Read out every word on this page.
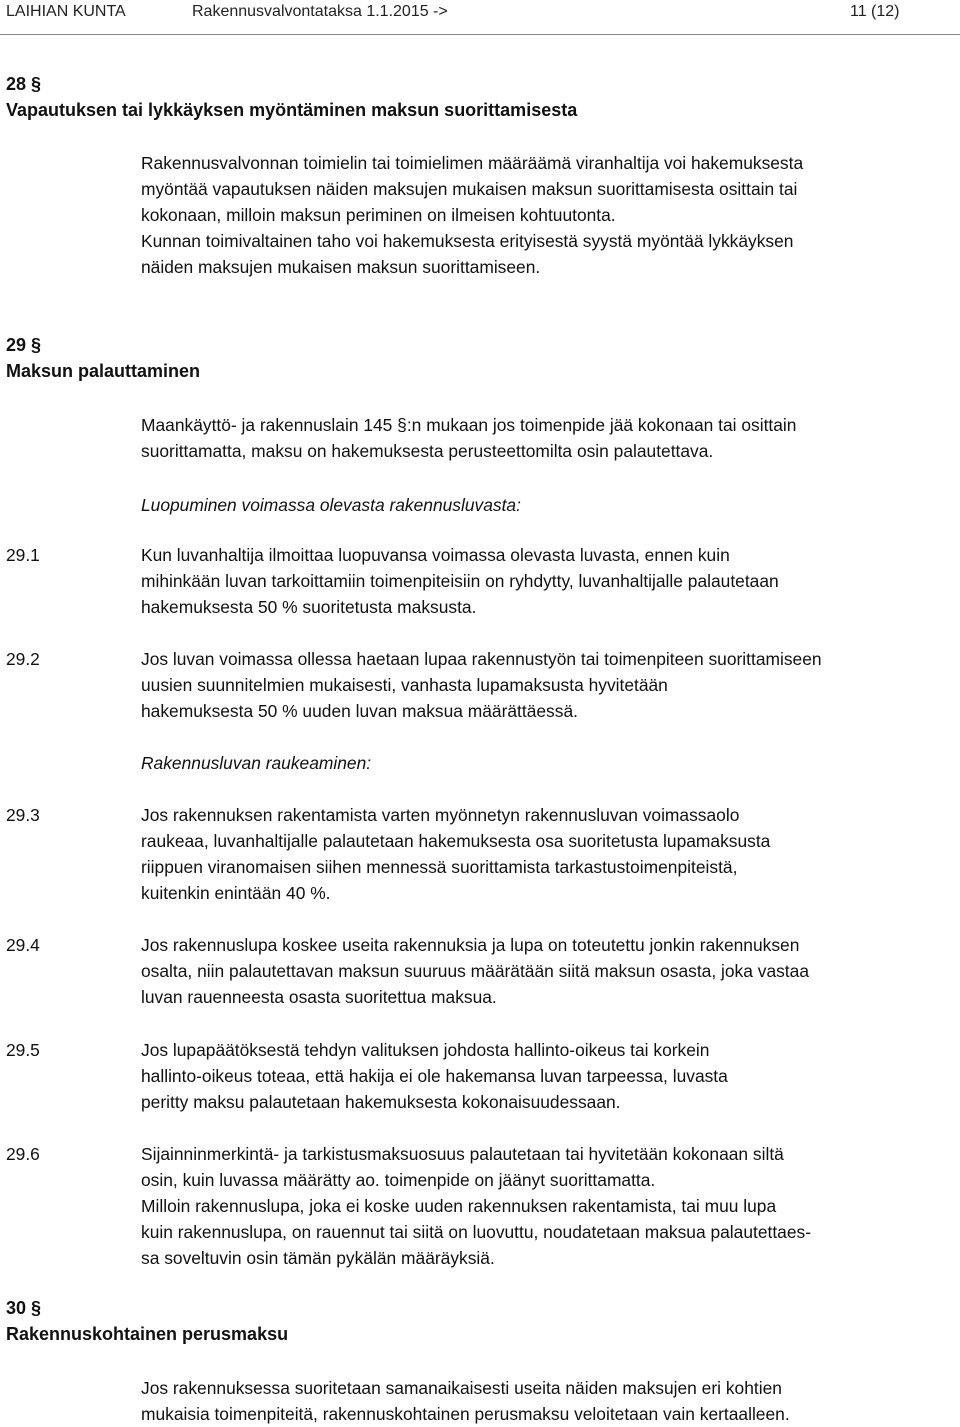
LAIHIAN KUNTA	Rakennusvalvontataksa 1.1.2015 ->	11 (12)
28 §
Vapautuksen tai lykkäyksen myöntäminen maksun suorittamisesta
Rakennusvalvonnan toimielin tai toimielimen määräämä viranhaltija voi hakemuksesta
myöntää vapautuksen näiden maksujen mukaisen maksun suorittamisesta osittain tai
kokonaan, milloin maksun periminen on ilmeisen kohtuutonta.
Kunnan toimivaltainen taho voi hakemuksesta erityisestä syystä myöntää lykkäyksen
näiden maksujen mukaisen maksun suorittamiseen.
29 §
Maksun palauttaminen
Maankäyttö- ja rakennuslain 145 §:n mukaan jos toimenpide jää kokonaan tai osittain
suorittamatta, maksu on hakemuksesta perusteettomilta osin palautettava.
Luopuminen voimassa olevasta rakennusluvasta:
29.1	Kun luvanhaltija ilmoittaa luopuvansa voimassa olevasta luvasta, ennen kuin
mihinkään luvan tarkoittamiin toimenpiteisiin on ryhdytty, luvanhaltijalle palautetaan
hakemuksesta 50 % suoritetusta maksusta.
29.2	Jos luvan voimassa ollessa haetaan lupaa rakennustyön tai toimenpiteen suorittamiseen
uusien suunnitelmien mukaisesti, vanhasta lupamaksusta hyvitetään
hakemuksesta 50 % uuden luvan maksua määrättäessä.
Rakennusluvan raukeaminen:
29.3	Jos rakennuksen rakentamista varten myönnetyn rakennusluvan voimassaolo
raukeaa, luvanhaltijalle palautetaan hakemuksesta osa suoritetusta lupamaksusta
riippuen viranomaisen siihen mennessä suorittamista tarkastustoimenpiteistä,
kuitenkin enintään 40 %.
29.4	Jos rakennuslupa koskee useita rakennuksia ja lupa on toteutettu jonkin rakennuksen
osalta, niin palautettavan maksun suuruus määrätään siitä maksun osasta, joka vastaa
luvan rauenneesta osasta suoritettua maksua.
29.5	Jos lupapäätöksestä tehdyn valituksen johdosta hallinto-oikeus tai korkein
hallinto-oikeus toteaa, että hakija ei ole hakemansa luvan tarpeessa, luvasta
peritty maksu palautetaan hakemuksesta kokonaisuudessaan.
29.6	Sijainninmerkintä- ja tarkistusmaksuosuus palautetaan tai hyvitetään kokonaan siltä
osin, kuin luvassa määrätty ao. toimenpide on jäänyt suorittamatta.
Milloin rakennuslupa, joka ei koske uuden rakennuksen rakentamista, tai muu lupa
kuin rakennuslupa, on rauennut tai siitä on luovuttu, noudatetaan maksua palautettaes-
sa soveltuvin osin tämän pykälän määräyksiä.
30 §
Rakennuskohtainen perusmaksu
Jos rakennuksessa suoritetaan samanaikaisesti useita näiden maksujen eri kohtien
mukaisia toimenpiteitä, rakennuskohtainen perusmaksu veloitetaan vain kertaalleen.
